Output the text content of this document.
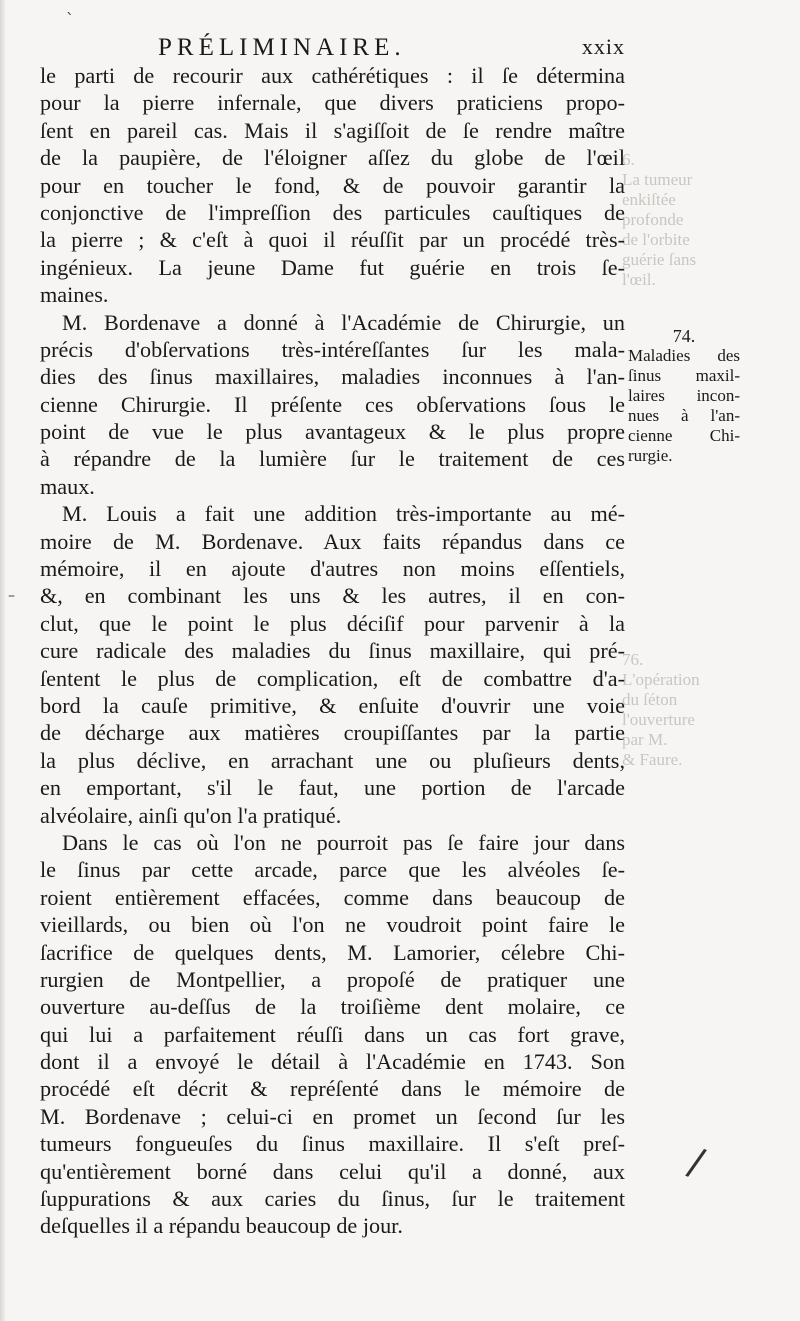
6.
La tumeur
enkiſtée
profonde
de l'orbite
guérie ſans
l'œil.
76.
L'opération
du ſéton
l'ouverture
par M.
& Faure.
ˋ
–
/
PRÉLIMINAIRE.	xxix
le parti de recourir aux cathérétiques : il ſe détermina
pour la pierre infernale, que divers praticiens propo-
ſent en pareil cas. Mais il s'agiſſoit de ſe rendre maître
de la paupière, de l'éloigner aſſez du globe de l'œil
pour en toucher le fond, & de pouvoir garantir la
conjonctive de l'impreſſion des particules cauſtiques de
la pierre ; & c'eſt à quoi il réuſſit par un procédé très-
ingénieux. La jeune Dame fut guérie en trois ſe-
maines.
M. Bordenave a donné à l'Académie de Chirurgie, un
précis d'obſervations très-intéreſſantes ſur les mala-
dies des ſinus maxillaires, maladies inconnues à l'an-
cienne Chirurgie. Il préſente ces obſervations ſous le
point de vue le plus avantageux & le plus propre
à répandre de la lumière ſur le traitement de ces
maux.
M. Louis a fait une addition très-importante au mé-
moire de M. Bordenave. Aux faits répandus dans ce
mémoire, il en ajoute d'autres non moins eſſentiels,
&, en combinant les uns & les autres, il en con-
clut, que le point le plus déciſif pour parvenir à la
cure radicale des maladies du ſinus maxillaire, qui pré-
ſentent le plus de complication, eſt de combattre d'a-
bord la cauſe primitive, & enſuite d'ouvrir une voie
de décharge aux matières croupiſſantes par la partie
la plus déclive, en arrachant une ou pluſieurs dents,
en emportant, s'il le faut, une portion de l'arcade
alvéolaire, ainſi qu'on l'a pratiqué.
Dans le cas où l'on ne pourroit pas ſe faire jour dans
le ſinus par cette arcade, parce que les alvéoles ſe-
roient entièrement effacées, comme dans beaucoup de
vieillards, ou bien où l'on ne voudroit point faire le
ſacrifice de quelques dents, M. Lamorier, célebre Chi-
rurgien de Montpellier, a propoſé de pratiquer une
ouverture au-deſſus de la troiſième dent molaire, ce
qui lui a parfaitement réuſſi dans un cas fort grave,
dont il a envoyé le détail à l'Académie en 1743. Son
procédé eſt décrit & repréſenté dans le mémoire de
M. Bordenave ; celui-ci en promet un ſecond ſur les
tumeurs fongueuſes du ſinus maxillaire. Il s'eſt preſ-
qu'entièrement borné dans celui qu'il a donné, aux
ſuppurations & aux caries du ſinus, ſur le traitement
deſquelles il a répandu beaucoup de jour.
74.
Maladies des
ſinus maxil-
laires incon-
nues à l'an-
cienne Chi-
rurgie.
